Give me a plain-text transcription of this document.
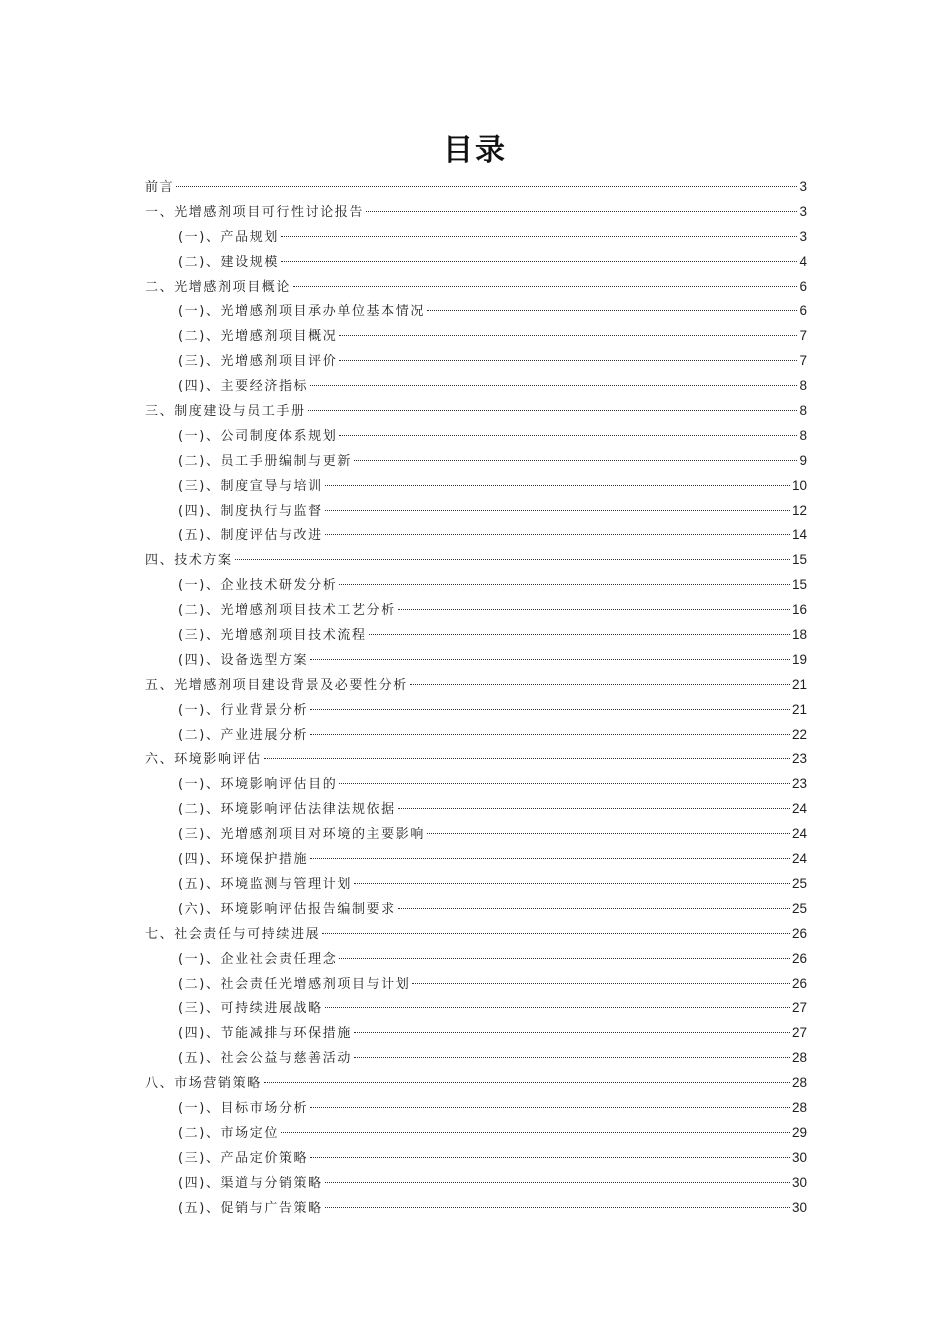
目录
前言	3
一、光增感剂项目可行性讨论报告	3
(一)、产品规划	3
(二)、建设规模	4
二、光增感剂项目概论	6
(一)、光增感剂项目承办单位基本情况	6
(二)、光增感剂项目概况	7
(三)、光增感剂项目评价	7
(四)、主要经济指标	8
三、制度建设与员工手册	8
(一)、公司制度体系规划	8
(二)、员工手册编制与更新	9
(三)、制度宣导与培训	10
(四)、制度执行与监督	12
(五)、制度评估与改进	14
四、技术方案	15
(一)、企业技术研发分析	15
(二)、光增感剂项目技术工艺分析	16
(三)、光增感剂项目技术流程	18
(四)、设备选型方案	19
五、光增感剂项目建设背景及必要性分析	21
(一)、行业背景分析	21
(二)、产业进展分析	22
六、环境影响评估	23
(一)、环境影响评估目的	23
(二)、环境影响评估法律法规依据	24
(三)、光增感剂项目对环境的主要影响	24
(四)、环境保护措施	24
(五)、环境监测与管理计划	25
(六)、环境影响评估报告编制要求	25
七、社会责任与可持续进展	26
(一)、企业社会责任理念	26
(二)、社会责任光增感剂项目与计划	26
(三)、可持续进展战略	27
(四)、节能减排与环保措施	27
(五)、社会公益与慈善活动	28
八、市场营销策略	28
(一)、目标市场分析	28
(二)、市场定位	29
(三)、产品定价策略	30
(四)、渠道与分销策略	30
(五)、促销与广告策略	30
